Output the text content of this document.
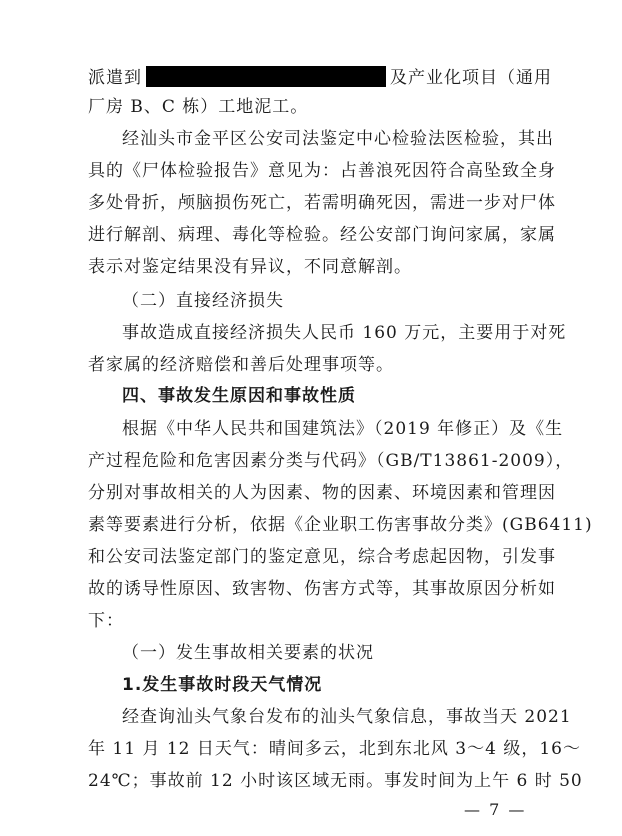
派遣到	及产业化项目（通用
厂房 B、C 栋）工地泥工。
经汕头市金平区公安司法鉴定中心检验法医检验，其出
具的《尸体检验报告》意见为：占善浪死因符合高坠致全身
多处骨折，颅脑损伤死亡，若需明确死因，需进一步对尸体
进行解剖、病理、毒化等检验。经公安部门询问家属，家属
表示对鉴定结果没有异议，不同意解剖。
（二）直接经济损失
事故造成直接经济损失人民币 160 万元，主要用于对死
者家属的经济赔偿和善后处理事项等。
四、事故发生原因和事故性质
根据《中华人民共和国建筑法》（2019 年修正）及《生
产过程危险和危害因素分类与代码》（GB/T13861-2009），
分别对事故相关的人为因素、物的因素、环境因素和管理因
素等要素进行分析，依据《企业职工伤害事故分类》(GB6411)
和公安司法鉴定部门的鉴定意见，综合考虑起因物，引发事
故的诱导性原因、致害物、伤害方式等，其事故原因分析如
下：
（一）发生事故相关要素的状况
1.发生事故时段天气情况
经查询汕头气象台发布的汕头气象信息，事故当天 2021
年 11 月 12 日天气：晴间多云，北到东北风 3～4 级，16～
24℃；事故前 12 小时该区域无雨。事发时间为上午 6 时 50
— 7 —
